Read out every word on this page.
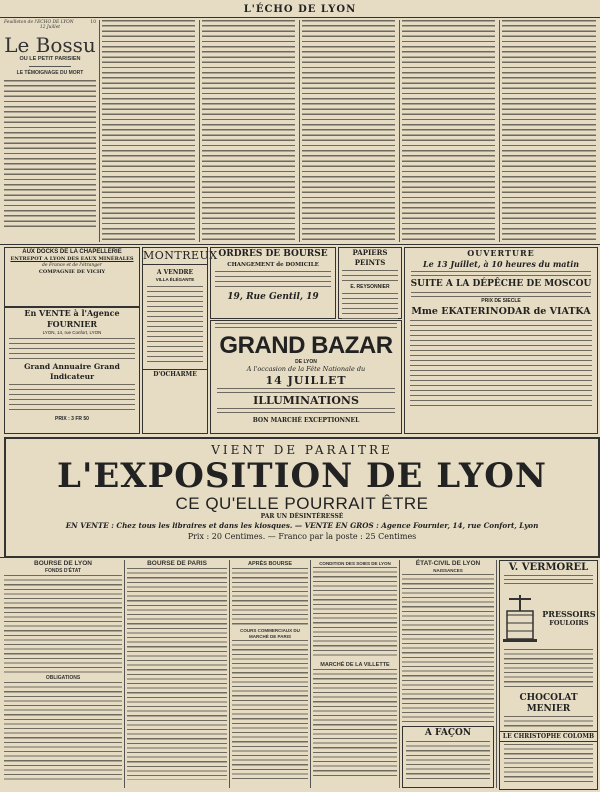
L'ÉCHO DE LYON
Feuilleton de l'ECHO DE LYON	10
12 Juillet
Le Bossu
OU LE PETIT PARISIEN
LE TÉMOIGNAGE DU MORT
AUX DOCKS DE LA CHAPELLERIE
ENTREPOT A LYON DES EAUX MINÉRALES
de France et de l'étranger
COMPAGNIE DE VICHY
En VENTE à l'Agence FOURNIER
LYON, 14, rue Confort, LYON
Grand Annuaire Grand Indicateur
PRIX : 3 FR 50
MONTREUX
A VENDRE
VILLA ÉLÉGANTE
D'OCHARME
ORDRES DE BOURSE
CHANGEMENT de DOMICILE
19, Rue Gentil, 19
PAPIERS PEINTS
E. REYSONNIER
GRAND BAZAR
DE LYON
A l'occasion de la Fête Nationale du
14 JUILLET
ILLUMINATIONS
BON MARCHÉ EXCEPTIONNEL
OUVERTURE
Le 13 Juillet, à 10 heures du matin
SUITE A LA DÉPÊCHE DE MOSCOU
PRIX DE SIECLE
Mme EKATERINODAR de VIATKA
VIENT DE PARAITRE
L'EXPOSITION DE LYON
CE QU'ELLE POURRAIT ÊTRE
PAR UN DÉSINTÉRESSÉ
EN VENTE : Chez tous les libraires et dans les kiosques. — VENTE EN GROS : Agence Fournier, 14, rue Confort, Lyon
Prix : 20 Centimes. — Franco par la poste : 25 Centimes
BOURSE DE LYON
FONDS D'ÉTAT
OBLIGATIONS
BOURSE DE PARIS	APRÈS BOURSE
COURS COMMERCIAUX DU MARCHÉ DE PARIS
CONDITION DES SOIES DE LYON
MARCHÉ DE LA VILLETTE
ÉTAT-CIVIL DE LYON
NAISSANCES
A FAÇON
V. VERMOREL
PRESSOIRS
FOULOIRS
CHOCOLAT MENIER
LE CHRISTOPHE COLOMB
